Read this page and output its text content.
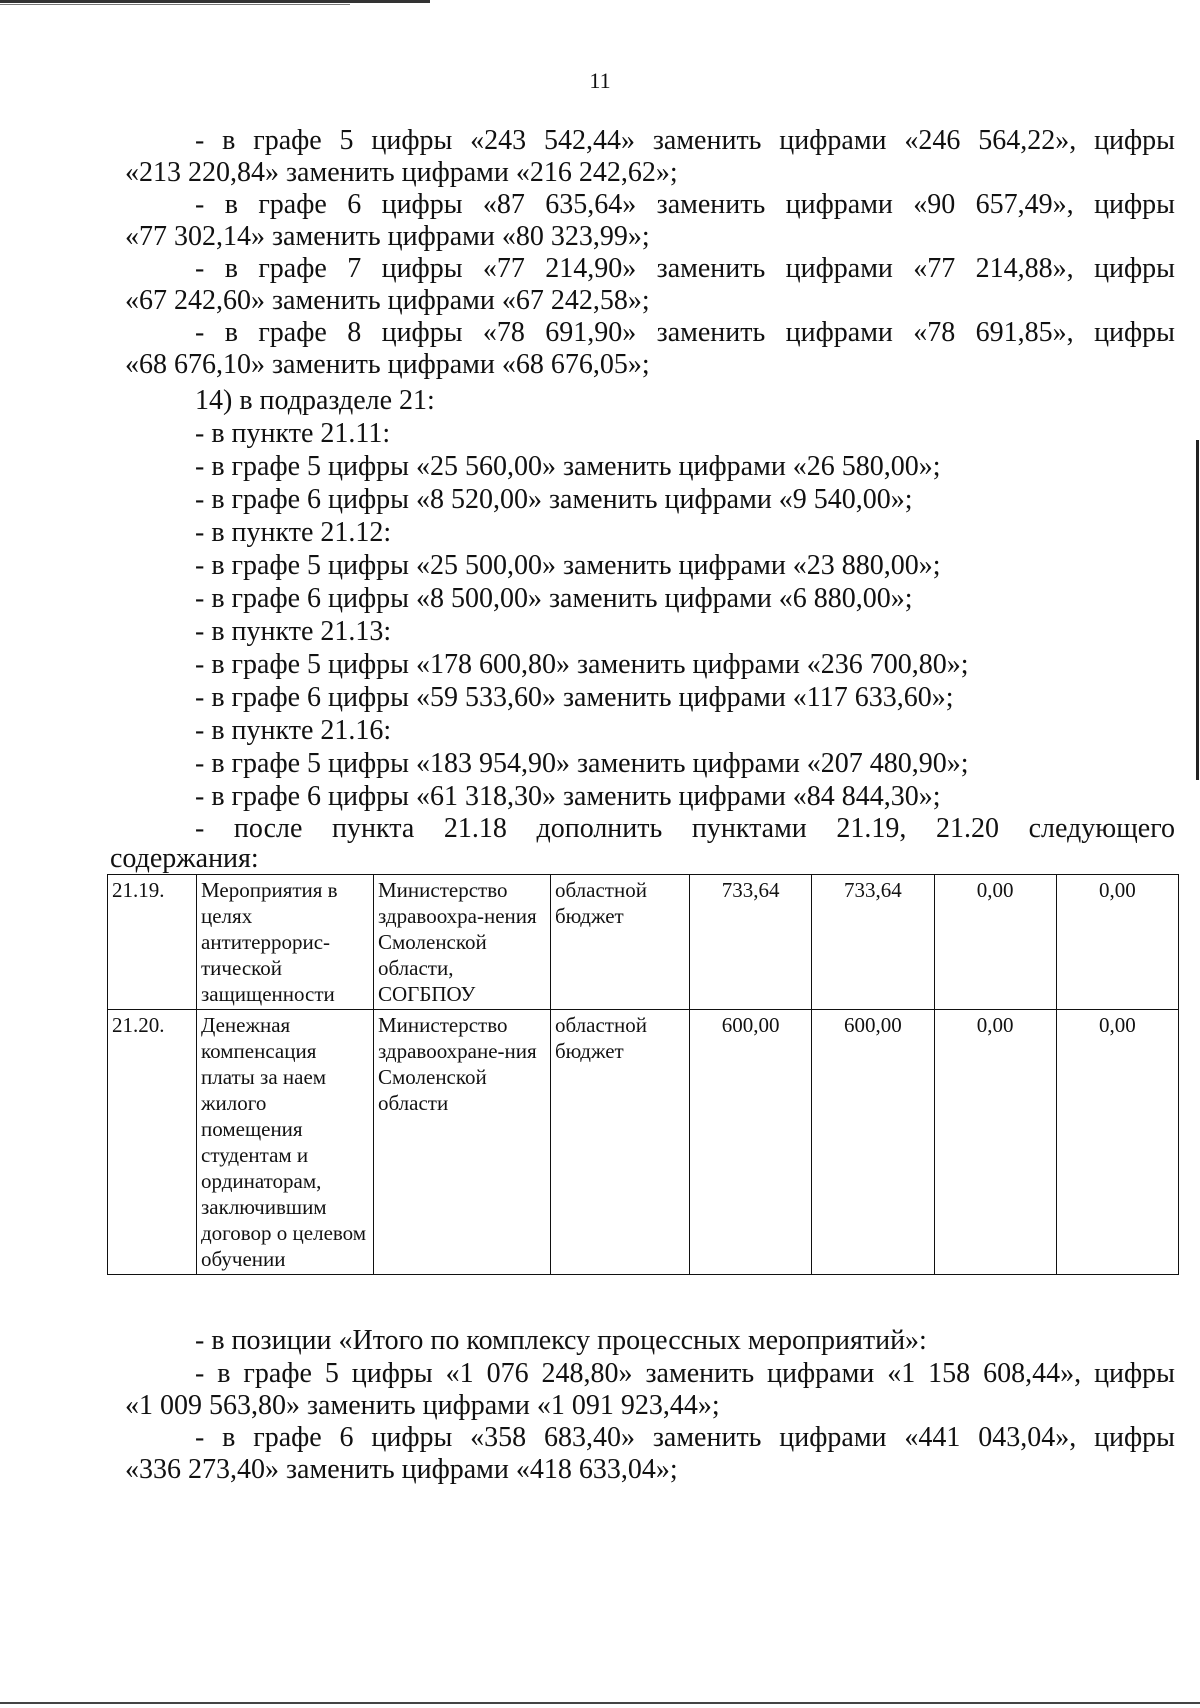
11
- в графе 5 цифры «243 542,44» заменить цифрами «246 564,22», цифры
«213 220,84» заменить цифрами «216 242,62»;
- в графе 6 цифры «87 635,64» заменить цифрами «90 657,49», цифры
«77 302,14» заменить цифрами «80 323,99»;
- в графе 7 цифры «77 214,90» заменить цифрами «77 214,88», цифры
«67 242,60» заменить цифрами «67 242,58»;
- в графе 8 цифры «78 691,90» заменить цифрами «78 691,85», цифры
«68 676,10» заменить цифрами «68 676,05»;
14) в подразделе 21:
- в пункте 21.11:
- в графе 5 цифры «25 560,00» заменить цифрами «26 580,00»;
- в графе 6 цифры «8 520,00» заменить цифрами «9 540,00»;
- в пункте 21.12:
- в графе 5 цифры «25 500,00» заменить цифрами «23 880,00»;
- в графе 6 цифры «8 500,00» заменить цифрами «6 880,00»;
- в пункте 21.13:
- в графе 5 цифры «178 600,80» заменить цифрами «236 700,80»;
- в графе 6 цифры «59 533,60» заменить цифрами «117 633,60»;
- в пункте 21.16:
- в графе 5 цифры «183 954,90» заменить цифрами «207 480,90»;
- в графе 6 цифры «61 318,30» заменить цифрами «84 844,30»;
- после пункта 21.18 дополнить пунктами 21.19, 21.20 следующего
содержания:
21.19.	Мероприятия в целях антитеррорис-тической защищенности	Министерство здравоохра-нения Смоленской области, СОГБПОУ	областной бюджет	733,64	733,64	0,00	0,00
21.20.	Денежная компенсация платы за наем жилого помещения студентам и ординаторам, заключившим договор о целевом обучении	Министерство здравоохране-ния Смоленской области	областной бюджет	600,00	600,00	0,00	0,00
- в позиции «Итого по комплексу процессных мероприятий»:
- в графе 5 цифры «1 076 248,80» заменить цифрами «1 158 608,44», цифры
«1 009 563,80» заменить цифрами «1 091 923,44»;
- в графе 6 цифры «358 683,40» заменить цифрами «441 043,04», цифры
«336 273,40» заменить цифрами «418 633,04»;
